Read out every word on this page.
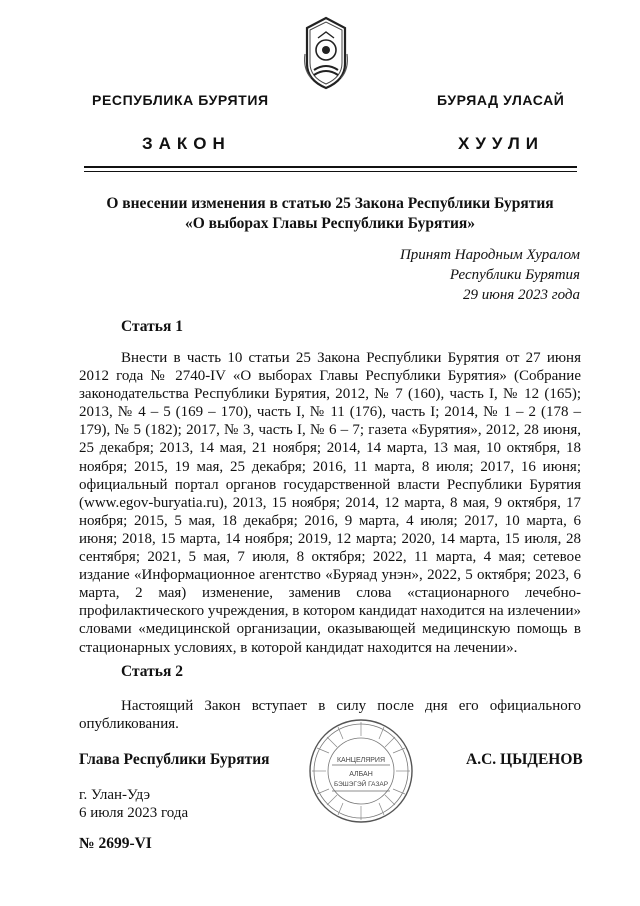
РЕСПУБЛИКА БУРЯТИЯ	БУРЯАД УЛАСАЙ
ЗАКОН	ХУУЛИ
О внесении изменения в статью 25 Закона Республики Бурятия
«О выборах Главы Республики Бурятия»
Принят Народным Хуралом
Республики Бурятия
29 июня 2023 года
Статья 1
Внести в часть 10 статьи 25 Закона Республики Бурятия от 27 июня 2012 года № 2740-IV «О выборах Главы Республики Бурятия» (Собрание законодательства Республики Бурятия, 2012, № 7 (160), часть I, № 12 (165); 2013, № 4 – 5 (169 – 170), часть I, № 11 (176), часть I; 2014, № 1 – 2 (178 – 179), № 5 (182); 2017, № 3, часть I, № 6 – 7; газета «Бурятия», 2012, 28 июня, 25 декабря; 2013, 14 мая, 21 ноября; 2014, 14 марта, 13 мая, 10 октября, 18 ноября; 2015, 19 мая, 25 декабря; 2016, 11 марта, 8 июля; 2017, 16 июня; официальный портал органов государственной власти Республики Бурятия (www.egov-buryatia.ru), 2013, 15 ноября; 2014, 12 марта, 8 мая, 9 октября, 17 ноября; 2015, 5 мая, 18 декабря; 2016, 9 марта, 4 июля; 2017, 10 марта, 6 июня; 2018, 15 марта, 14 ноября; 2019, 12 марта; 2020, 14 марта, 15 июля, 28 сентября; 2021, 5 мая, 7 июля, 8 октября; 2022, 11 марта, 4 мая; сетевое издание «Информационное агентство «Буряад унэн», 2022, 5 октября; 2023, 6 марта, 2 мая) изменение, заменив слова «стационарного лечебно-профилактического учреждения, в котором кандидат находится на излечении» словами «медицинской организации, оказывающей медицинскую помощь в стационарных условиях, в которой кандидат находится на лечении».
Статья 2
Настоящий Закон вступает в силу после дня его официального опубликования.
Глава Республики Бурятия	А.С. ЦЫДЕНОВ
г. Улан-Удэ
6 июля 2023 года
№ 2699-VI
КАНЦЕЛЯРИЯ
АЛБАН
БЭШЭГЭЙ ГАЗАР
